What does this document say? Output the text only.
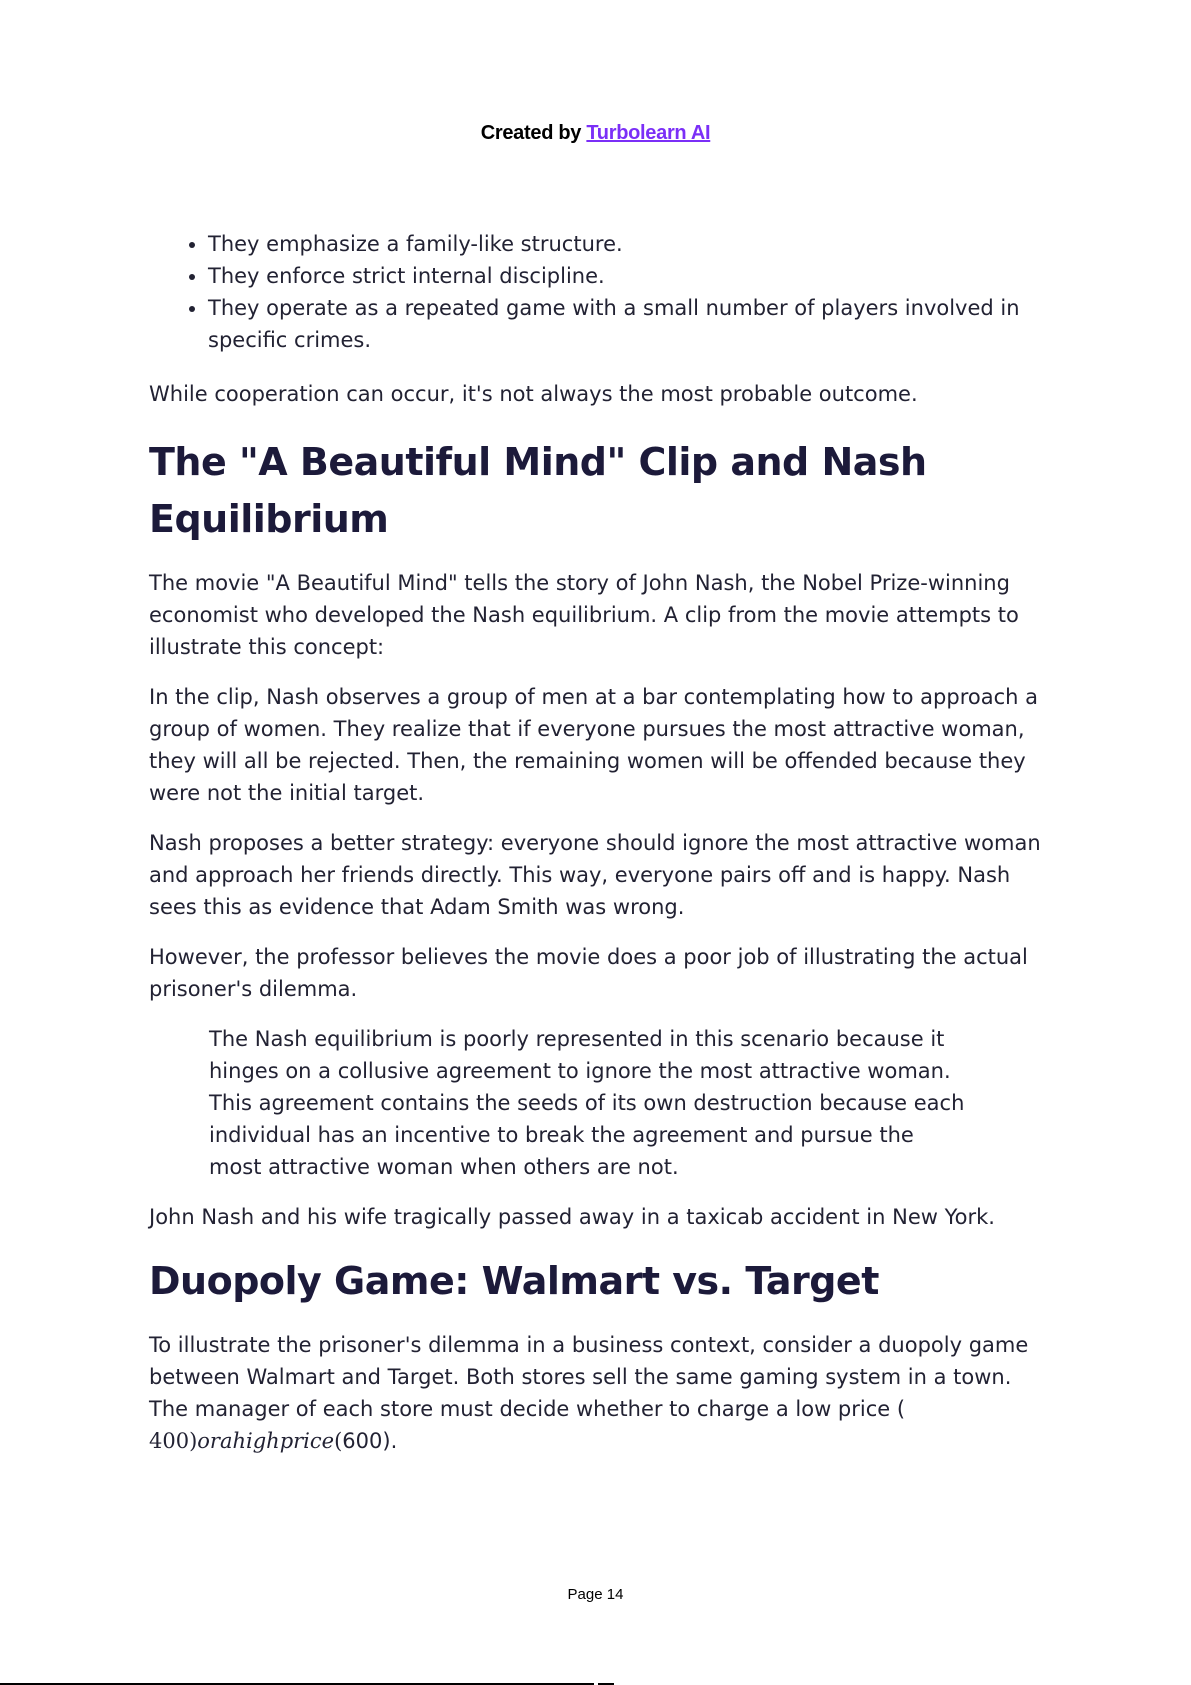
Created by Turbolearn AI
• They emphasize a family-like structure.
• They enforce strict internal discipline.
• They operate as a repeated game with a small number of players involved in specific crimes.

While cooperation can occur, it's not always the most probable outcome.

The "A Beautiful Mind" Clip and Nash Equilibrium

The movie "A Beautiful Mind" tells the story of John Nash, the Nobel Prize-winning economist who developed the Nash equilibrium. A clip from the movie attempts to illustrate this concept:

In the clip, Nash observes a group of men at a bar contemplating how to approach a group of women. They realize that if everyone pursues the most attractive woman, they will all be rejected. Then, the remaining women will be offended because they were not the initial target.

Nash proposes a better strategy: everyone should ignore the most attractive woman and approach her friends directly. This way, everyone pairs off and is happy. Nash sees this as evidence that Adam Smith was wrong.

However, the professor believes the movie does a poor job of illustrating the actual prisoner's dilemma.

The Nash equilibrium is poorly represented in this scenario because it hinges on a collusive agreement to ignore the most attractive woman. This agreement contains the seeds of its own destruction because each individual has an incentive to break the agreement and pursue the most attractive woman when others are not.

John Nash and his wife tragically passed away in a taxicab accident in New York.

Duopoly Game: Walmart vs. Target

To illustrate the prisoner's dilemma in a business context, consider a duopoly game between Walmart and Target. Both stores sell the same gaming system in a town. The manager of each store must decide whether to charge a low price (
400)orahighprice(600).

Page 14
